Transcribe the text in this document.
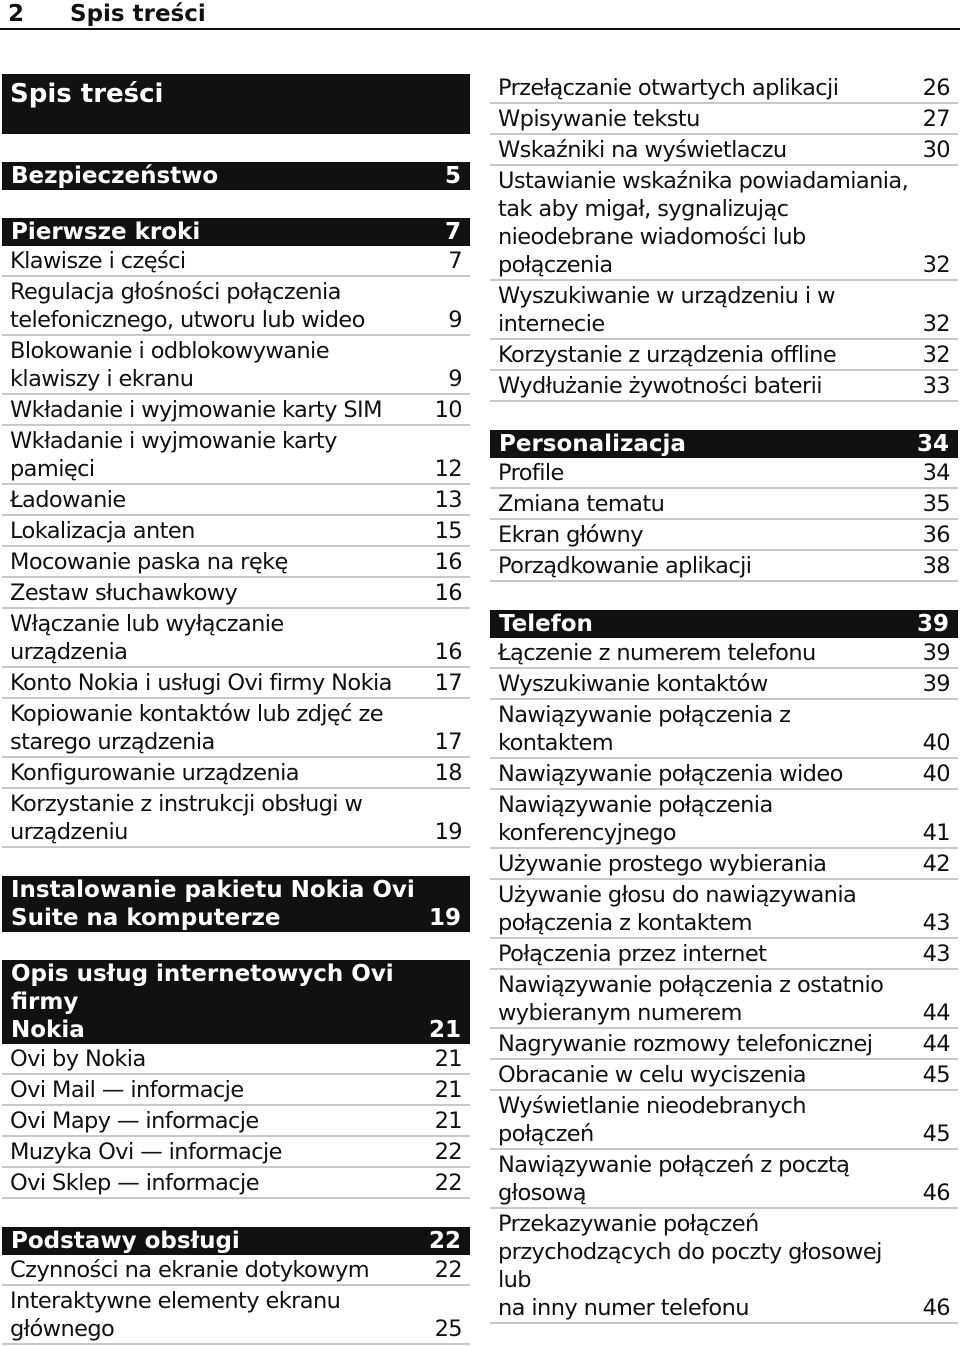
2 Spis treści
Spis treści
Bezpieczeństwo	5
Pierwsze kroki	7
Klawisze i części	7
Regulacja głośności połączenia
telefonicznego, utworu lub wideo	9
Blokowanie i odblokowywanie
klawiszy i ekranu	9
Wkładanie i wyjmowanie karty SIM	10
Wkładanie i wyjmowanie karty
pamięci	12
Ładowanie	13
Lokalizacja anten	15
Mocowanie paska na rękę	16
Zestaw słuchawkowy	16
Włączanie lub wyłączanie
urządzenia	16
Konto Nokia i usługi Ovi firmy Nokia	17
Kopiowanie kontaktów lub zdjęć ze
starego urządzenia	17
Konfigurowanie urządzenia	18
Korzystanie z instrukcji obsługi w
urządzeniu	19
Instalowanie pakietu Nokia Ovi
Suite na komputerze	19
Opis usług internetowych Ovi firmy
Nokia	21
Ovi by Nokia	21
Ovi Mail — informacje	21
Ovi Mapy — informacje	21
Muzyka Ovi — informacje	22
Ovi Sklep — informacje	22
Podstawy obsługi	22
Czynności na ekranie dotykowym	22
Interaktywne elementy ekranu
głównego	25
Przełączanie otwartych aplikacji	26
Wpisywanie tekstu	27
Wskaźniki na wyświetlaczu	30
Ustawianie wskaźnika powiadamiania,
tak aby migał, sygnalizując
nieodebrane wiadomości lub
połączenia	32
Wyszukiwanie w urządzeniu i w
internecie	32
Korzystanie z urządzenia offline	32
Wydłużanie żywotności baterii	33
Personalizacja	34
Profile	34
Zmiana tematu	35
Ekran główny	36
Porządkowanie aplikacji	38
Telefon	39
Łączenie z numerem telefonu	39
Wyszukiwanie kontaktów	39
Nawiązywanie połączenia z
kontaktem	40
Nawiązywanie połączenia wideo	40
Nawiązywanie połączenia
konferencyjnego	41
Używanie prostego wybierania	42
Używanie głosu do nawiązywania
połączenia z kontaktem	43
Połączenia przez internet	43
Nawiązywanie połączenia z ostatnio
wybieranym numerem	44
Nagrywanie rozmowy telefonicznej	44
Obracanie w celu wyciszenia	45
Wyświetlanie nieodebranych
połączeń	45
Nawiązywanie połączeń z pocztą
głosową	46
Przekazywanie połączeń
przychodzących do poczty głosowej lub
na inny numer telefonu	46
